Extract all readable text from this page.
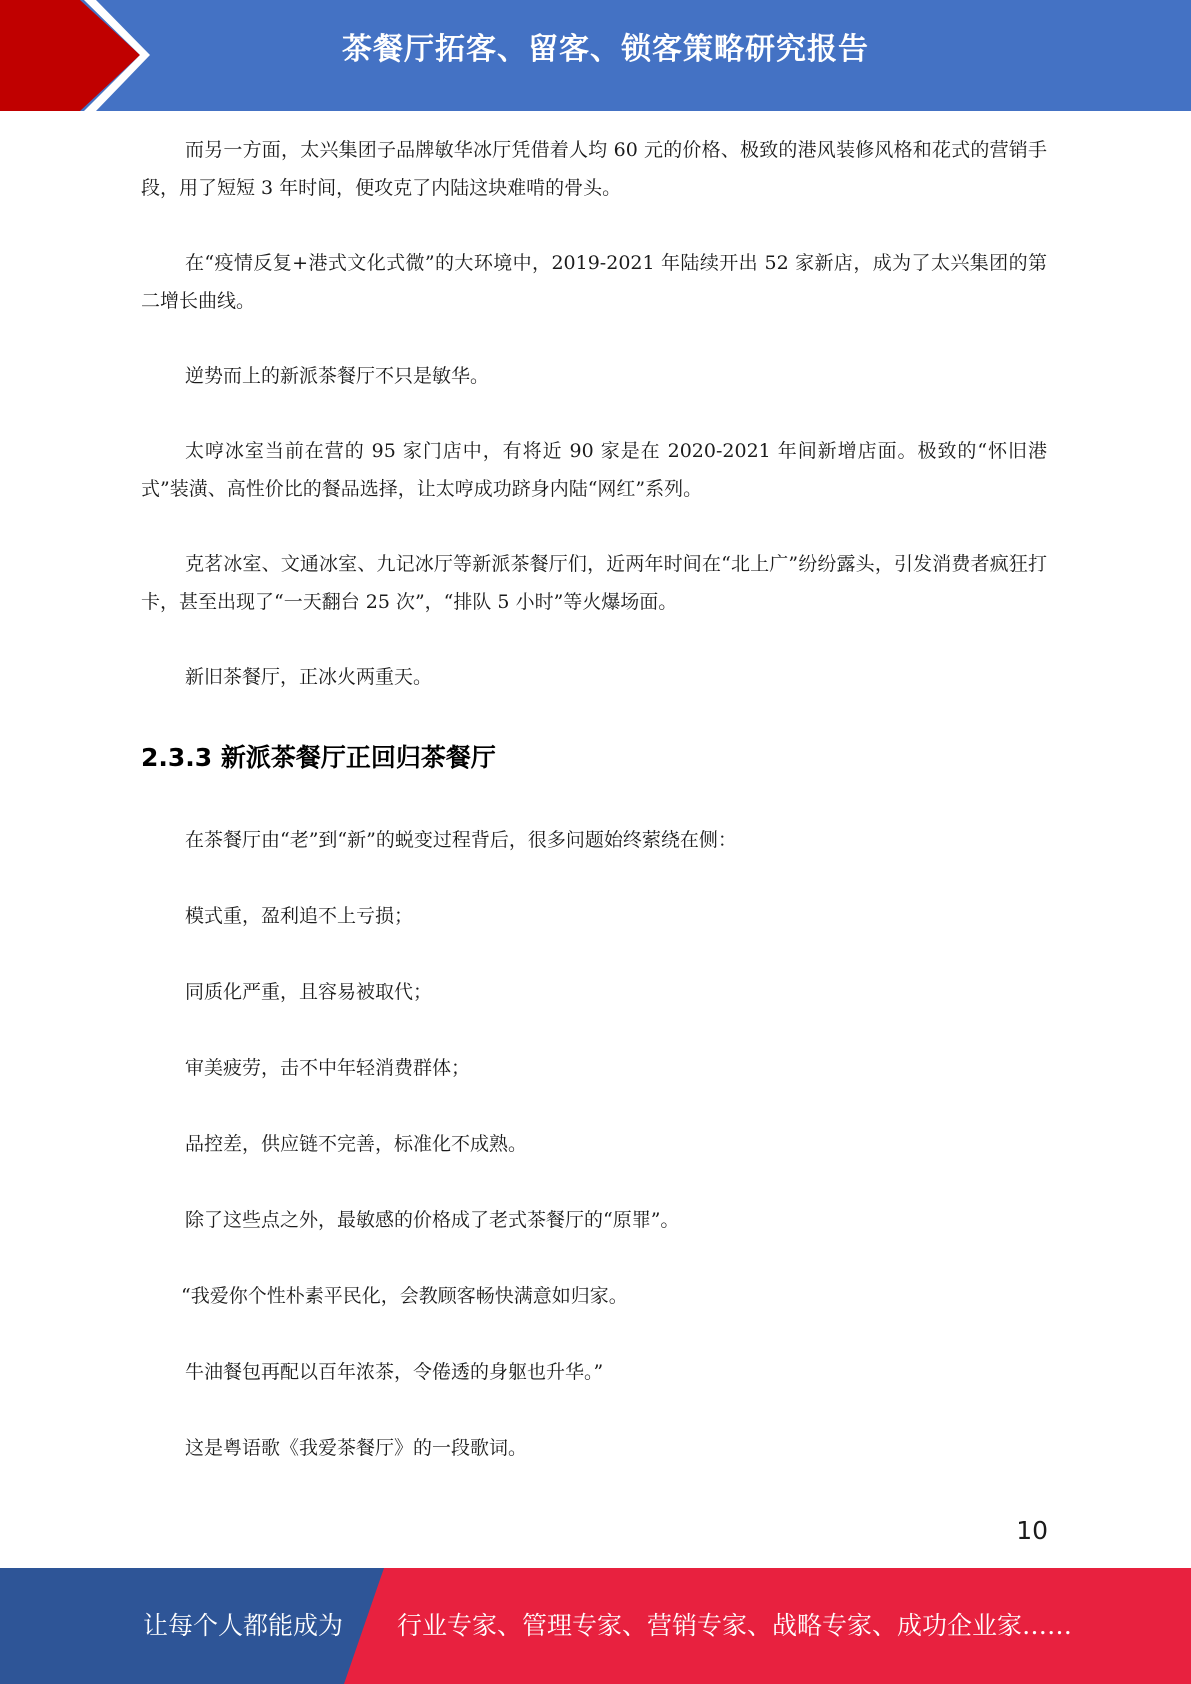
茶餐厅拓客、留客、锁客策略研究报告

而另一方面，太兴集团子品牌敏华冰厅凭借着人均 60 元的价格、极致的港风装修风格和花式的营销手段，用了短短 3 年时间，便攻克了内陆这块难啃的骨头。

在“疫情反复+港式文化式微”的大环境中，2019-2021 年陆续开出 52 家新店，成为了太兴集团的第二增长曲线。

逆势而上的新派茶餐厅不只是敏华。

太哼冰室当前在营的 95 家门店中，有将近 90 家是在 2020-2021 年间新增店面。极致的“怀旧港式”装潢、高性价比的餐品选择，让太哼成功跻身内陆“网红”系列。

克茗冰室、文通冰室、九记冰厅等新派茶餐厅们，近两年时间在“北上广”纷纷露头，引发消费者疯狂打卡，甚至出现了“一天翻台 25 次”，“排队 5 小时”等火爆场面。

新旧茶餐厅，正冰火两重天。

2.3.3 新派茶餐厅正回归茶餐厅

在茶餐厅由“老”到“新”的蜕变过程背后，很多问题始终萦绕在侧：

模式重，盈利追不上亏损；

同质化严重，且容易被取代；

审美疲劳，击不中年轻消费群体；

品控差，供应链不完善，标准化不成熟。

除了这些点之外，最敏感的价格成了老式茶餐厅的“原罪”。

“我爱你个性朴素平民化，会教顾客畅快满意如归家。

牛油餐包再配以百年浓茶，令倦透的身躯也升华。”

这是粤语歌《我爱茶餐厅》的一段歌词。

10
让每个人都能成为 行业专家、管理专家、营销专家、战略专家、成功企业家……
